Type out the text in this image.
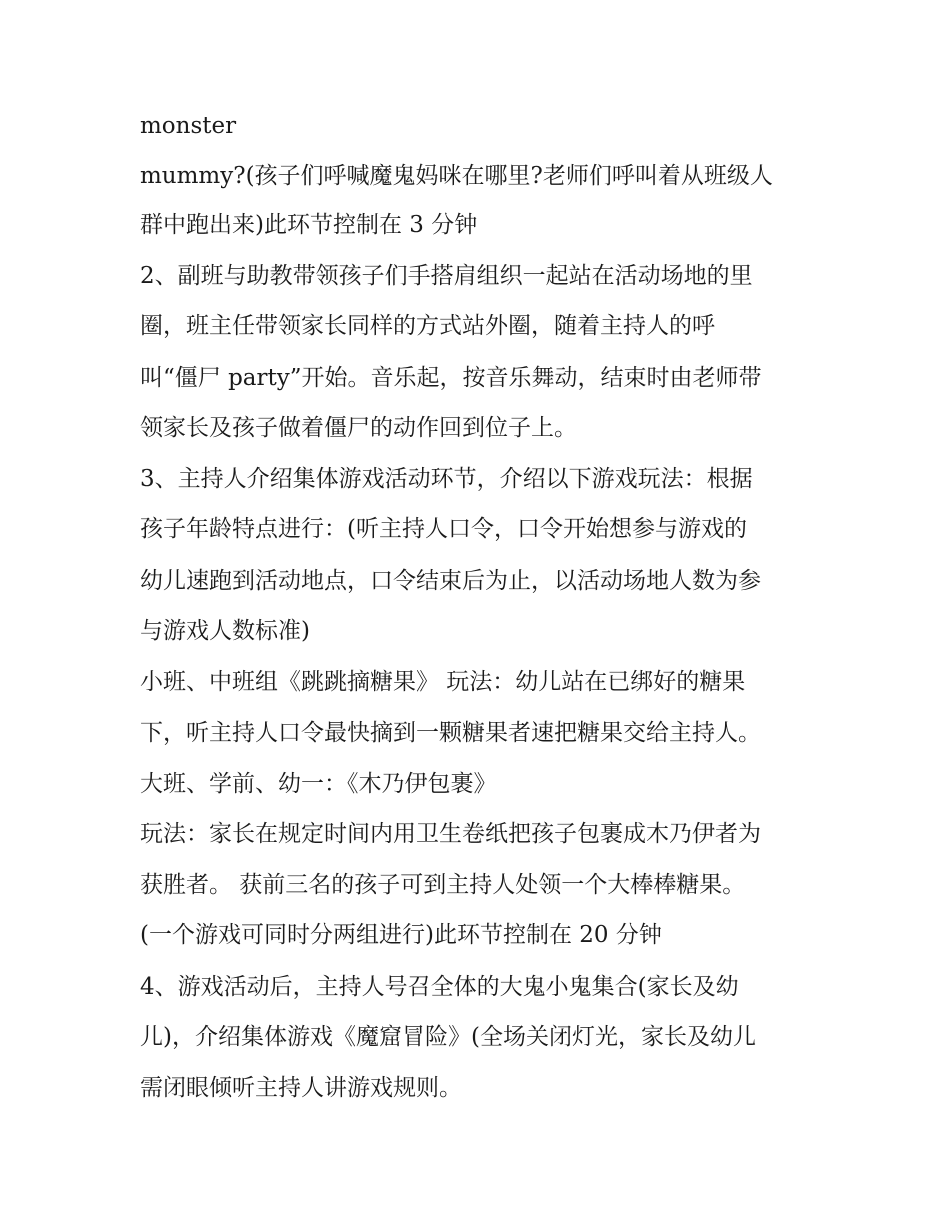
monster
mummy?(孩子们呼喊魔鬼妈咪在哪里?老师们呼叫着从班级人
群中跑出来)此环节控制在 3 分钟
2、副班与助教带领孩子们手搭肩组织一起站在活动场地的里
圈，班主任带领家长同样的方式站外圈，随着主持人的呼
叫“僵尸 party”开始。音乐起，按音乐舞动，结束时由老师带
领家长及孩子做着僵尸的动作回到位子上。
3、主持人介绍集体游戏活动环节，介绍以下游戏玩法：根据
孩子年龄特点进行：(听主持人口令，口令开始想参与游戏的
幼儿速跑到活动地点，口令结束后为止，以活动场地人数为参
与游戏人数标准)
小班、中班组《跳跳摘糖果》 玩法：幼儿站在已绑好的糖果
下，听主持人口令最快摘到一颗糖果者速把糖果交给主持人。
大班、学前、幼一：《木乃伊包裹》
玩法：家长在规定时间内用卫生卷纸把孩子包裹成木乃伊者为
获胜者。 获前三名的孩子可到主持人处领一个大棒棒糖果。
(一个游戏可同时分两组进行)此环节控制在 20 分钟
4、游戏活动后，主持人号召全体的大鬼小鬼集合(家长及幼
儿)，介绍集体游戏《魔窟冒险》(全场关闭灯光，家长及幼儿
需闭眼倾听主持人讲游戏规则。
